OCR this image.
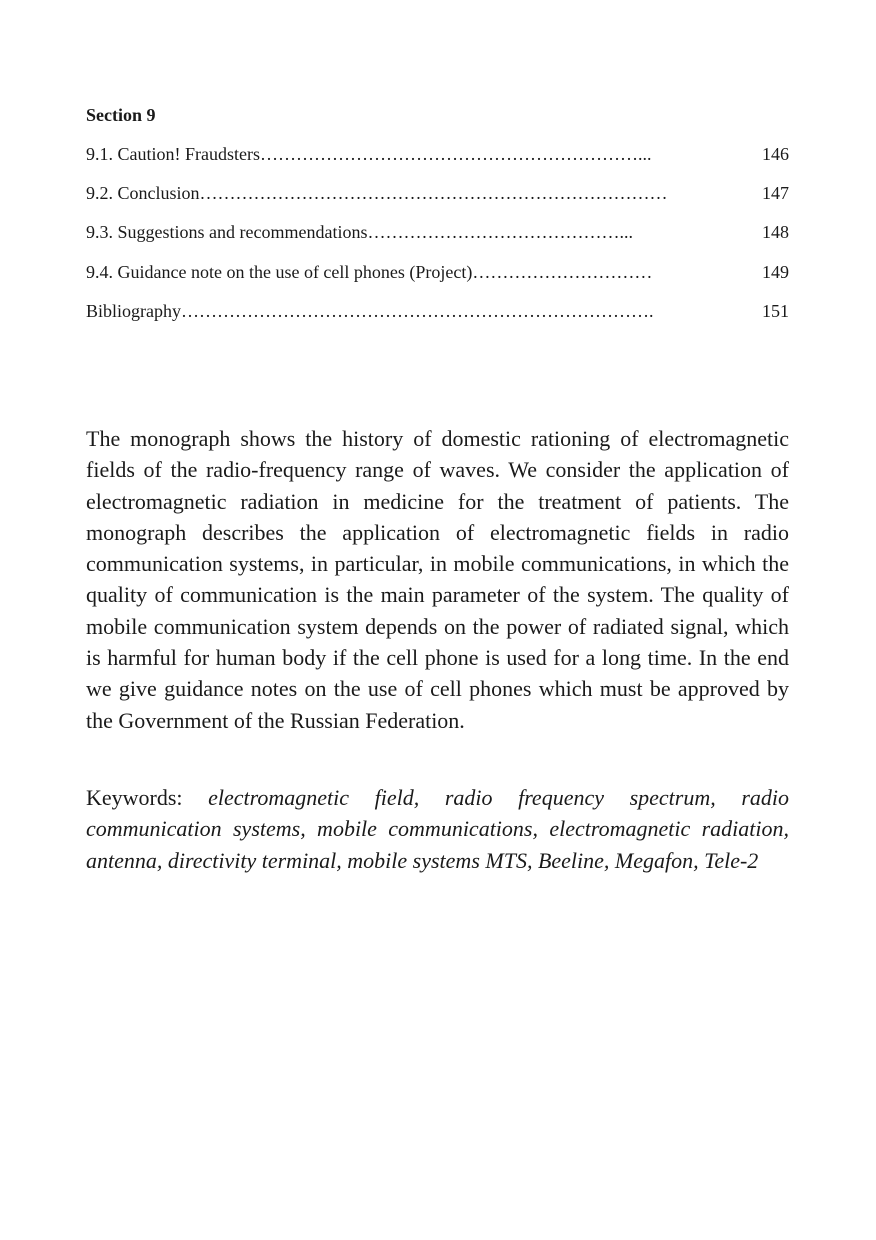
Section 9
9.1. Caution! Fraudsters………………………………………………………...	146
9.2. Conclusion……………………………………………………………………	147
9.3. Suggestions and recommendations……………………………………...	148
9.4. Guidance note on the use of cell phones (Project)…………………………	149
Bibliography…………………………………………………………………….	151

The monograph shows the history of domestic rationing of electromagnetic fields of the radio-frequency range of waves. We consider the application of electromagnetic radiation in medicine for the treatment of patients. The monograph describes the application of electromagnetic fields in radio communication systems, in particular, in mobile communications, in which the quality of communication is the main parameter of the system. The quality of mobile communication system depends on the power of radiated signal, which is harmful for human body if the cell phone is used for a long time. In the end we give guidance notes on the use of cell phones which must be approved by the Government of the Russian Federation.

Keywords: electromagnetic field, radio frequency spectrum, radio communication systems, mobile communications, electromagnetic radiation, antenna, directivity terminal, mobile systems MTS, Beeline, Megafon, Tele-2
